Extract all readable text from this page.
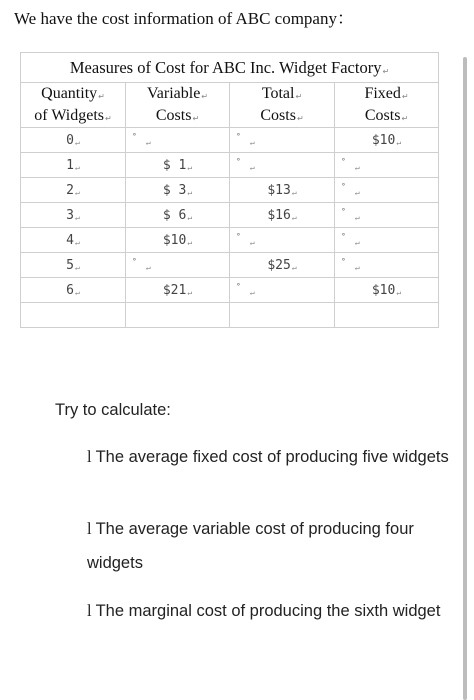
We have the cost information of ABC company：
Measures of Cost for ABC Inc. Widget Factory↵			
Quantity↵	Variable↵	Total↵	Fixed↵
of Widgets↵	Costs↵	Costs↵	Costs↵
0↵	°↵	°↵	$10↵
1↵	$ 1↵	°↵	°↵
2↵	$ 3↵	$13↵	°↵
3↵	$ 6↵	$16↵	°↵
4↵	$10↵	°↵	°↵
5↵	°↵	$25↵	°↵
6↵	$21↵	°↵	$10↵

Try to calculate:
l The average fixed cost of producing five widgets
l The average variable cost of producing four widgets
l The marginal cost of producing the sixth widget
